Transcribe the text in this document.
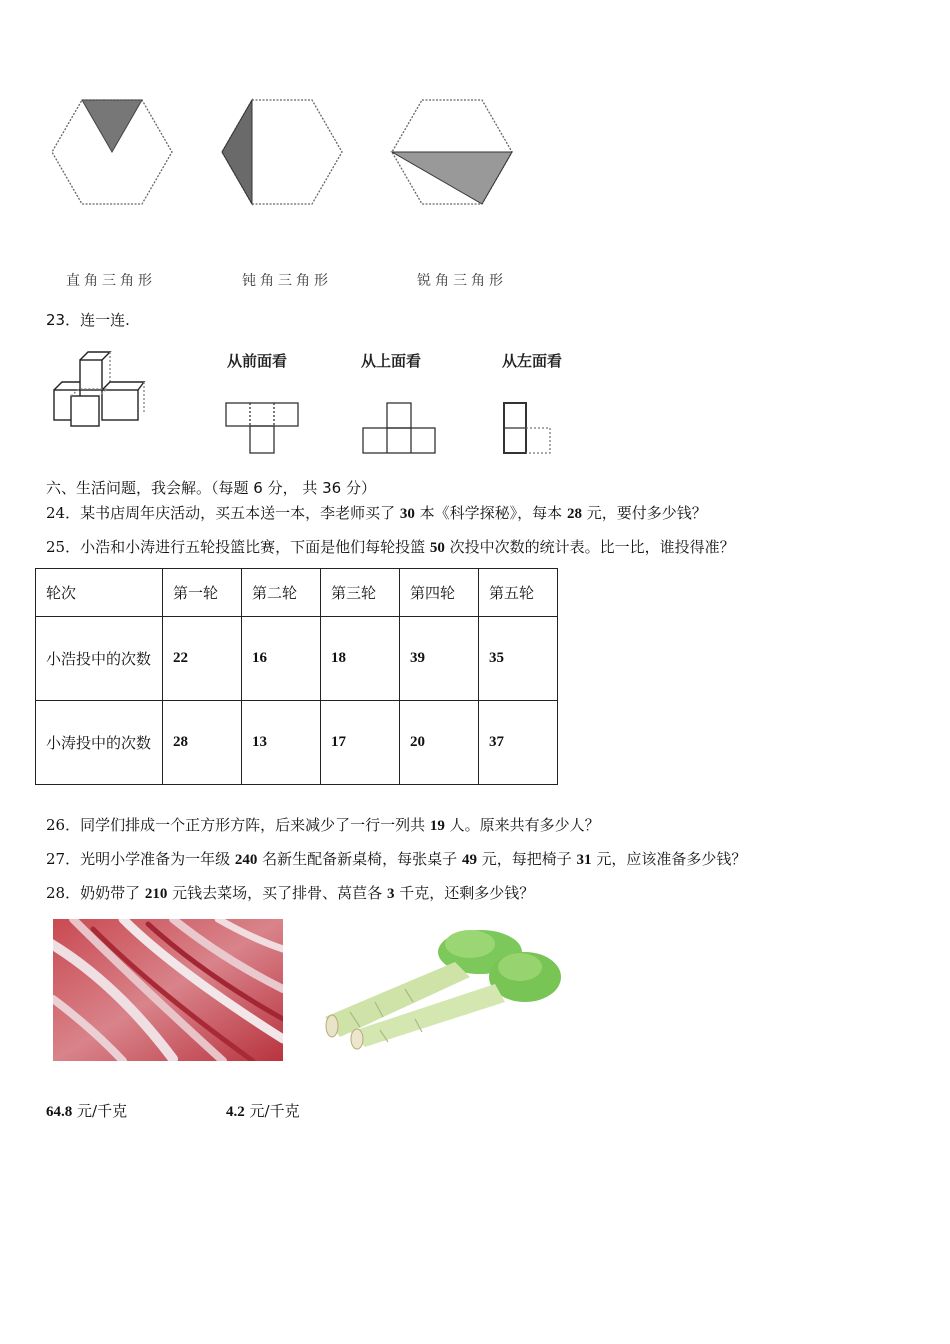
直角三角形	钝角三角形	锐角三角形
23．连一连.
从前面看	从上面看	从左面看
六、生活问题，我会解。（每题 6 分， 共 36 分）
24．某书店周年庆活动，买五本送一本，李老师买了 30 本《科学探秘》，每本 28 元，要付多少钱？
25．小浩和小涛进行五轮投篮比赛，下面是他们每轮投篮 50 次投中次数的统计表。比一比，谁投得准？
轮次	第一轮	第二轮	第三轮	第四轮	第五轮
小浩投中的次数	22	16	18	39	35
小涛投中的次数	28	13	17	20	37
26．同学们排成一个正方形方阵，后来减少了一行一列共 19 人。原来共有多少人？
27．光明小学准备为一年级 240 名新生配备新桌椅，每张桌子 49 元，每把椅子 31 元，应该准备多少钱？
28．奶奶带了 210 元钱去菜场，买了排骨、莴苣各 3 千克，还剩多少钱？
64.8 元/千克	4.2 元/千克
